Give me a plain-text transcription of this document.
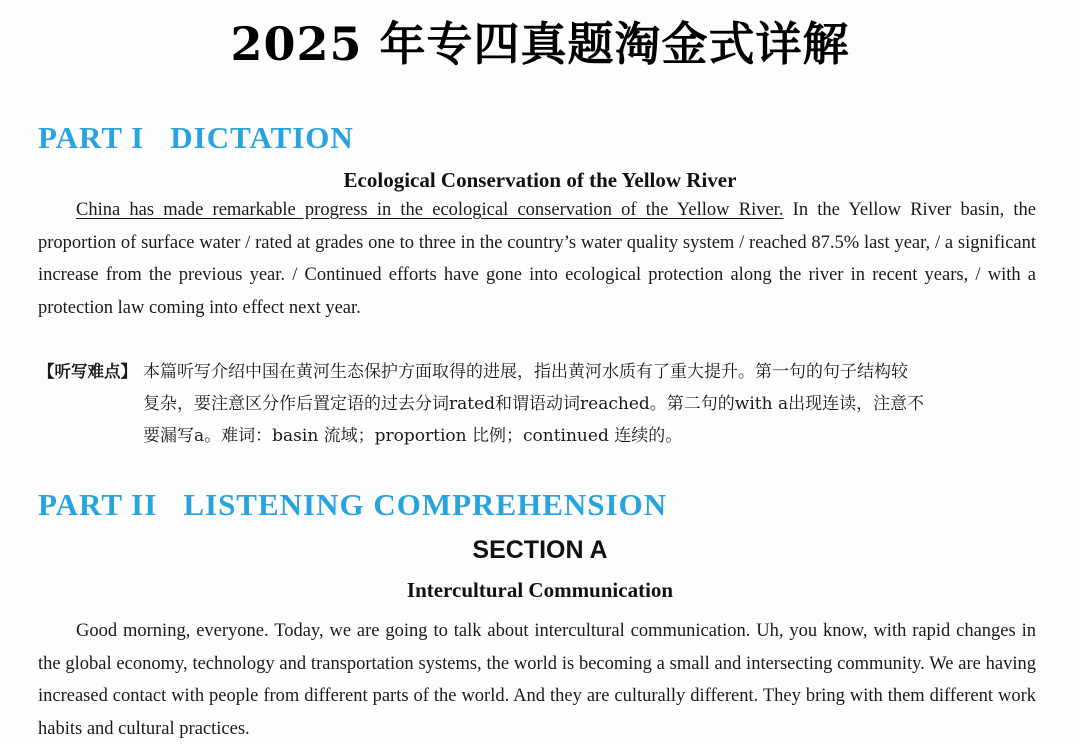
2025 年专四真题淘金式详解
PART I DICTATION
Ecological Conservation of the Yellow River
China has made remarkable progress in the ecological conservation of the Yellow River. In the Yellow River basin, the proportion of surface water / rated at grades one to three in the country’s water quality system / reached 87.5% last year, / a significant increase from the previous year. / Continued efforts have gone into ecological protection along the river in recent years, / with a protection law coming into effect next year.
【听写难点】 本篇听写介绍中国在黄河生态保护方面取得的进展，指出黄河水质有了重大提升。第一句的句子结构较
复杂，要注意区分作后置定语的过去分词rated和谓语动词reached。第二句的with a出现连读，注意不
要漏写a。难词：basin 流域；proportion 比例；continued 连续的。
PART II LISTENING COMPREHENSION
SECTION A
Intercultural Communication
Good morning, everyone. Today, we are going to talk about intercultural communication. Uh, you know, with rapid changes in the global economy, technology and transportation systems, the world is becoming a small and intersecting community. We are having increased contact with people from different parts of the world. And they are culturally different. They bring with them different work habits and cultural practices.
